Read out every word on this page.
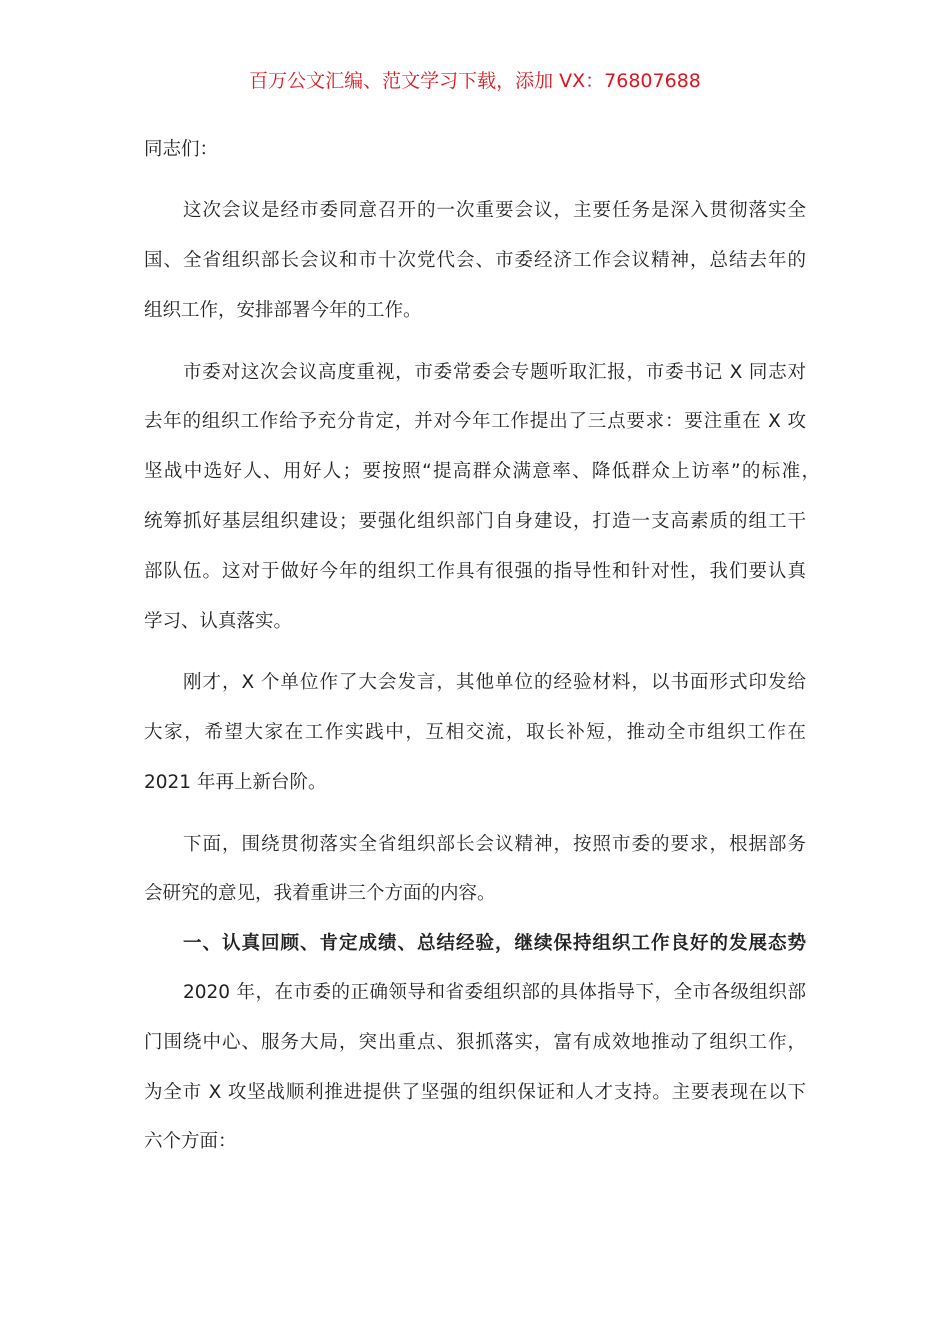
百万公文汇编、范文学习下载，添加 VX：76807688
同志们：
这次会议是经市委同意召开的一次重要会议，主要任务是深入贯彻落实全
国、全省组织部长会议和市十次党代会、市委经济工作会议精神，总结去年的
组织工作，安排部署今年的工作。
市委对这次会议高度重视，市委常委会专题听取汇报，市委书记 X 同志对
去年的组织工作给予充分肯定，并对今年工作提出了三点要求：要注重在 X 攻
坚战中选好人、用好人；要按照“提高群众满意率、降低群众上访率”的标准，
统筹抓好基层组织建设；要强化组织部门自身建设，打造一支高素质的组工干
部队伍。这对于做好今年的组织工作具有很强的指导性和针对性，我们要认真
学习、认真落实。
刚才，X 个单位作了大会发言，其他单位的经验材料，以书面形式印发给
大家，希望大家在工作实践中，互相交流，取长补短，推动全市组织工作在
2021 年再上新台阶。
下面，围绕贯彻落实全省组织部长会议精神，按照市委的要求，根据部务
会研究的意见，我着重讲三个方面的内容。
一、认真回顾、肯定成绩、总结经验，继续保持组织工作良好的发展态势
2020 年，在市委的正确领导和省委组织部的具体指导下，全市各级组织部
门围绕中心、服务大局，突出重点、狠抓落实，富有成效地推动了组织工作，
为全市 X 攻坚战顺利推进提供了坚强的组织保证和人才支持。主要表现在以下
六个方面：
